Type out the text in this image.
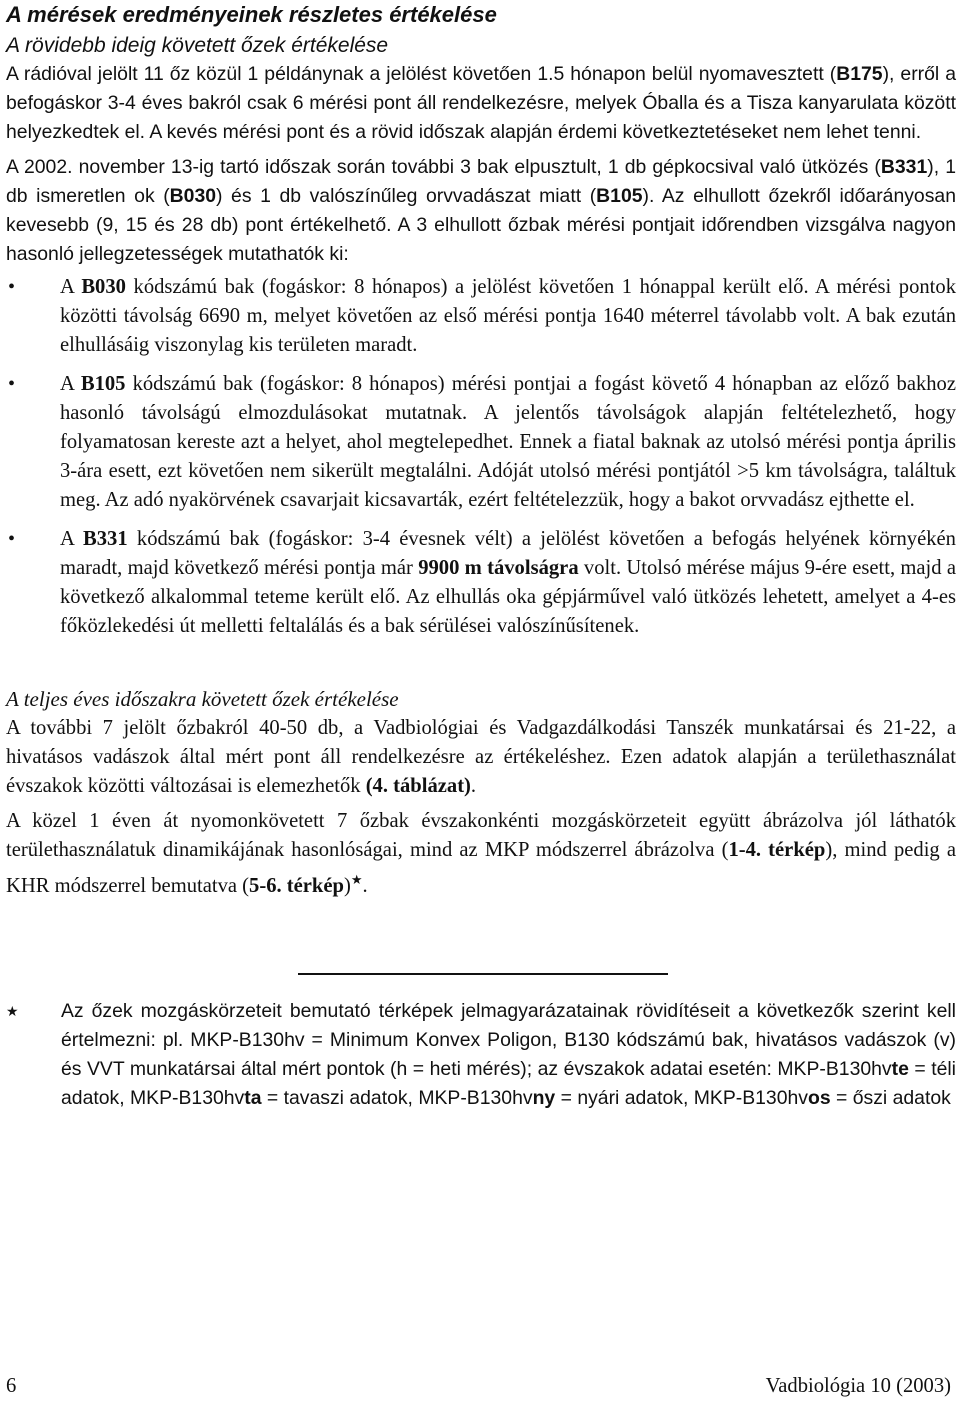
A mérések eredményeinek részletes értékelése
A rövidebb ideig követett őzek értékelése

A rádióval jelölt 11 őz közül 1 példánynak a jelölést követően 1.5 hónapon belül nyomavesztett (B175), erről a befogáskor 3-4 éves bakról csak 6 mérési pont áll rendelkezésre, melyek Óballa és a Tisza kanyarulata között helyezkedtek el. A kevés mérési pont és a rövid időszak alapján érdemi következtetéseket nem lehet tenni.

A 2002. november 13-ig tartó időszak során további 3 bak elpusztult, 1 db gépkocsival való ütközés (B331), 1 db ismeretlen ok (B030) és 1 db valószínűleg orvvadászat miatt (B105). Az elhullott őzekről időarányosan kevesebb (9, 15 és 28 db) pont értékelhető. A 3 elhullott őzbak mérési pontjait időrendben vizsgálva nagyon hasonló jellegzetességek mutathatók ki:

• A B030 kódszámú bak (fogáskor: 8 hónapos) a jelölést követően 1 hónappal került elő. A mérési pontok közötti távolság 6690 m, melyet követően az első mérési pontja 1640 méterrel távolabb volt. A bak ezután elhullásáig viszonylag kis területen maradt.

• A B105 kódszámú bak (fogáskor: 8 hónapos) mérési pontjai a fogást követő 4 hónapban az előző bakhoz hasonló távolságú elmozdulásokat mutatnak. A jelentős távolságok alapján feltételezhető, hogy folyamatosan kereste azt a helyet, ahol megtelepedhet. Ennek a fiatal baknak az utolsó mérési pontja április 3-ára esett, ezt követően nem sikerült megtalálni. Adóját utolsó mérési pontjától >5 km távolságra, találtuk meg. Az adó nyakörvének csavarjait kicsavarták, ezért feltételezzük, hogy a bakot orvvadász ejthette el.

• A B331 kódszámú bak (fogáskor: 3-4 évesnek vélt) a jelölést követően a befogás helyének környékén maradt, majd következő mérési pontja már 9900 m távolságra volt. Utolsó mérése május 9-ére esett, majd a következő alkalommal teteme került elő. Az elhullás oka gépjárművel való ütközés lehetett, amelyet a 4-es főközlekedési út melletti feltalálás és a bak sérülései valószínűsítenek.

A teljes éves időszakra követett őzek értékelése

A további 7 jelölt őzbakról 40-50 db, a Vadbiológiai és Vadgazdálkodási Tanszék munkatársai és 21-22, a hivatásos vadászok által mért pont áll rendelkezésre az értékeléshez. Ezen adatok alapján a területhasználat évszakok közötti változásai is elemezhetők (4. táblázat).

A közel 1 éven át nyomonkövetett 7 őzbak évszakonkénti mozgáskörzeteit együtt ábrázolva jól láthatók területhasználatuk dinamikájának hasonlóságai, mind az MKP módszerrel ábrázolva (1-4. térkép), mind pedig a KHR módszerrel bemutatva (5-6. térkép)★.

★ Az őzek mozgáskörzeteit bemutató térképek jelmagyarázatainak rövidítéseit a következők szerint kell értelmezni: pl. MKP-B130hv = Minimum Konvex Poligon, B130 kódszámú bak, hivatásos vadászok (v) és VVT munkatársai által mért pontok (h = heti mérés); az évszakok adatai esetén: MKP-B130hvte = téli adatok, MKP-B130hvta = tavaszi adatok, MKP-B130hvny = nyári adatok, MKP-B130hvos = őszi adatok

6	Vadbiológia 10 (2003)
